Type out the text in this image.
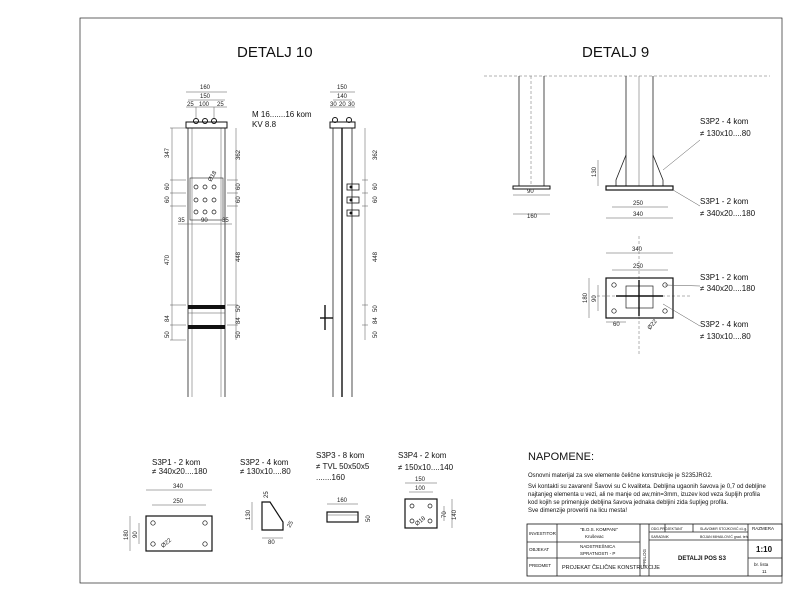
DETALJ 10	DETALJ 9
Ø18
160
150
25 100 25
347
60
60
470
84
50
362
60
60
448
50
84
50
35	90 35
M 16.......16 kom
KV 8.8
150
140
30 20 30
362
60
60
448
50
84
50
90
160
130
250
340
S3P2 - 4 kom
≠ 130x10....80
S3P1 - 2 kom
≠ 340x20....180
340
250
180 90
60	Ø22
S3P1 - 2 kom
≠ 340x20....180
S3P2 - 4 kom
≠ 130x10....80
S3P1 - 2 kom
≠ 340x20....180
340
250
180 90
Ø22
S3P2 - 4 kom
≠ 130x10....80
130
80
25
25
S3P3 - 8 kom
≠ TVL 50x50x5
.......160
160
50
S3P4 - 2 kom
≠ 150x10....140
150
100
140
70
Ø18
NAPOMENE:
Osnovni materijal za sve elemente čelične konstrukcije je S235JRG2.
Svi kontakti su zavareni! Šavovi su C kvaliteta. Debljina ugaonih šavova je 0,7 od debljine
najtanjeg elementa u vezi, ali ne manje od aw,min=3mm, izuzev kod veza šupljih profila
kod kojih se primenjuje debljina šavova jednaka debljini zida šupljeg profila.
Sve dimenzije proveriti na licu mesta!
INVESTITOR
"B.O.S. KOMPANI"
Kruševac
OBJEKAT
NADSTREŠNICA
SPRATNOSTI - P
PREDMET PROJEKAT ČELIČNE KONSTRUKCIJE
PRILOG
ODG.PROJEKTANT	SLAVOMIR STOJKOVIĆ d.i.g.
SARADNIK	BOJAN MIHAILOVIĆ grad. teh.
DETALJI POS S3
RAZMERA
1:10
br. lista
11
